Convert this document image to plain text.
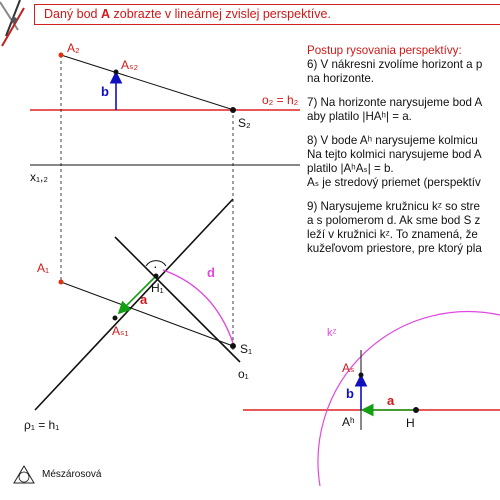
Daný bod A zobrazte v lineárnej zvislej perspektíve.
A₂
Aₛ₂
b
o₂ = h₂
S₂
x₁,₂
H₁
a
d
A₁
Aₛ₁
S₁
o₁
ρ₁ = h₁
kᶻ
Aₛ
b	a
Aʰ	H
·
Postup rysovania perspektívy:
6) V nákresni zvolíme horizont a p
na horizonte.
7) Na horizonte narysujeme bod A
aby platilo |HAʰ| = a.
8) V bode Aʰ narysujeme kolmicu
Na tejto kolmici narysujeme bod A
platilo |AʰAₛ| = b.
Aₛ je stredový priemet (perspektív
9) Narysujeme kružnicu kᶻ so stre
a s polomerom d. Ak sme bod S z
leží v kružnici kᶻ. To znamená, že
kužeľovom priestore, pre ktorý pla
Mészárosová
